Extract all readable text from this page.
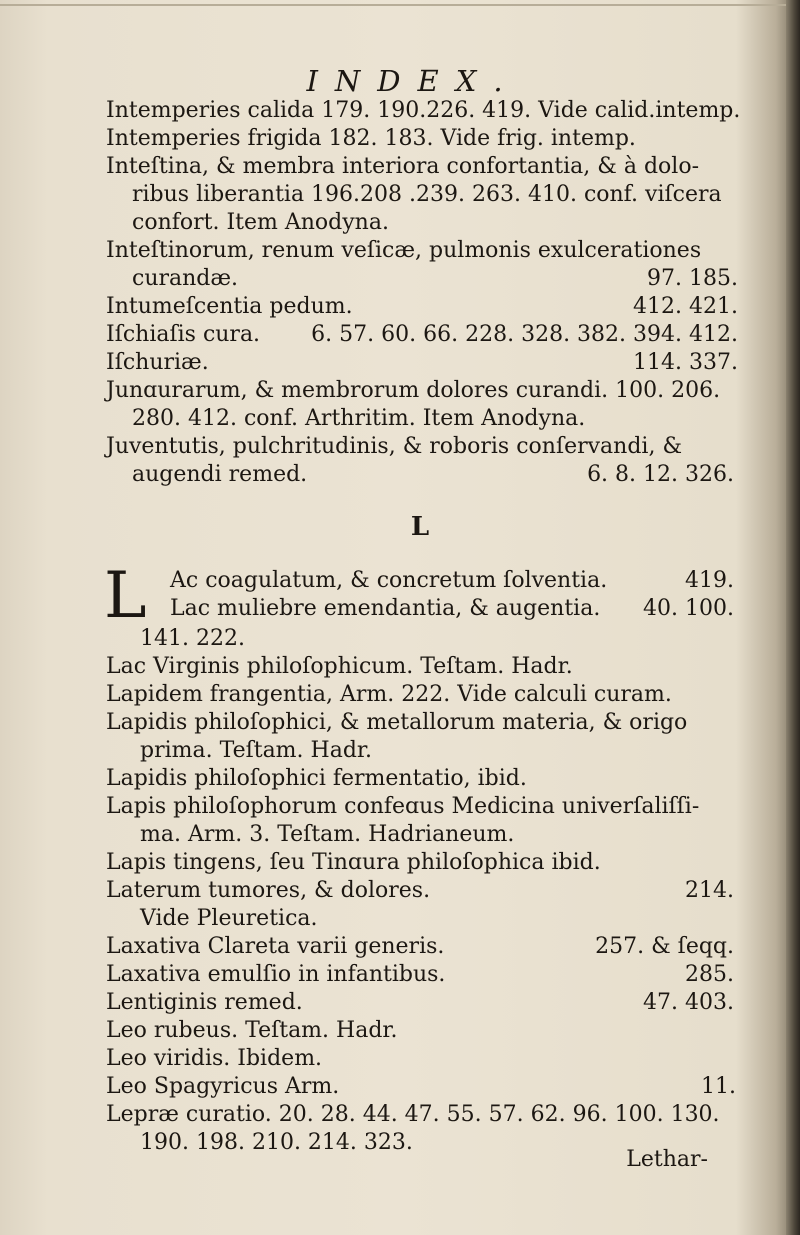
INDEX.
Intemperies calida 179. 190.226. 419. Vide calid.intemp.
Intemperies frigida 182. 183. Vide frig. intemp.
Inteſtina, & membra interiora confortantia, & à dolo-
ribus liberantia 196.208 .239. 263. 410. conf. viſcera
confort. Item Anodyna.
Inteſtinorum, renum veſicæ, pulmonis exulcerationes
curandæ.	97. 185.
Intumeſcentia pedum.	412. 421.
Iſchiaſis cura. 6. 57. 60. 66. 228. 328. 382. 394. 412.
Iſchuriæ.	114. 337.
Junɑurarum, & membrorum dolores curandi. 100. 206.
280. 412. conf. Arthritim. Item Anodyna.
Juventutis, pulchritudinis, & roboris conſervandi, &
augendi remed.	6. 8. 12. 326.
L
L Ac coagulatum, & concretum ſolventia.	419.
Lac muliebre emendantia, & augentia. 40. 100.
141. 222.
Lac Virginis philoſophicum. Teſtam. Hadr.
Lapidem frangentia, Arm. 222. Vide calculi curam.
Lapidis philoſophici, & metallorum materia, & origo
prima. Teſtam. Hadr.
Lapidis philoſophici fermentatio, ibid.
Lapis philoſophorum confeɑus Medicina univerſaliſſi-
ma. Arm. 3. Teſtam. Hadrianeum.
Lapis tingens, ſeu Tinɑura philoſophica ibid.
Laterum tumores, & dolores.	214.
Vide Pleuretica.
Laxativa Clareta varii generis.	257. & ſeqq.
Laxativa emulſio in infantibus.	285.
Lentiginis remed.	47. 403.
Leo rubeus. Teſtam. Hadr.
Leo viridis. Ibidem.
Leo Spagyricus Arm.	11.
Lepræ curatio. 20. 28. 44. 47. 55. 57. 62. 96. 100. 130.
190. 198. 210. 214. 323.
Lethar-
